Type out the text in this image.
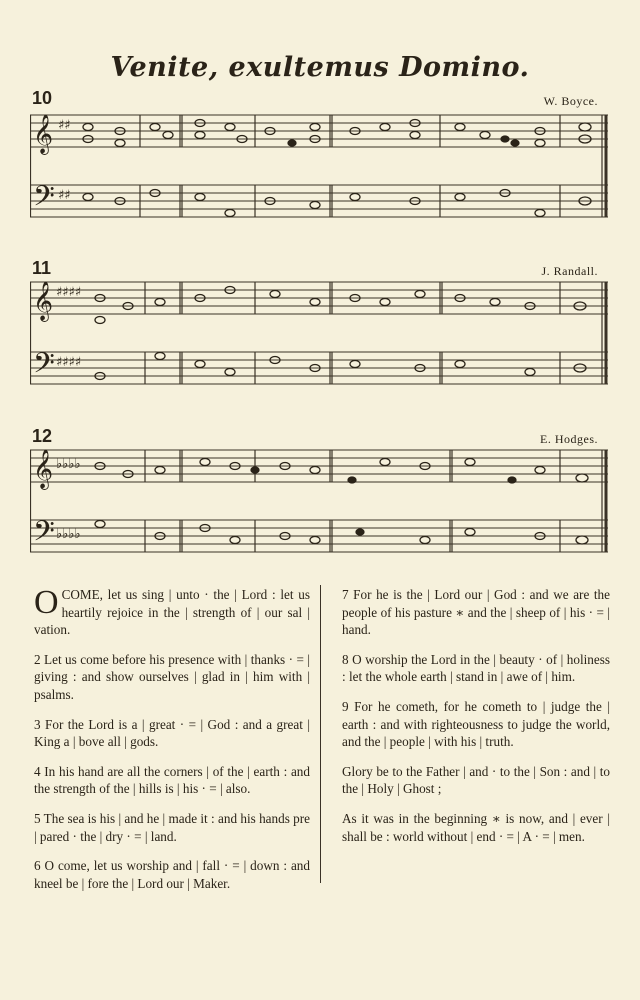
Venite, exultemus Domino.
10	W. Boyce.
𝄞
𝄢
♯♯
♯♯
11	J. Randall.
𝄞
𝄢
♯♯♯♯
♯♯♯♯
12	E. Hodges.
𝄞
𝄢
♭♭♭♭
♭♭♭♭

OCOME, let us sing | unto · the | Lord : let us heartily rejoice in the | strength of | our sal | vation.

2 Let us come before his presence with | thanks · = | giving : and show ourselves | glad in | him with | psalms.

3 For the Lord is a | great · = | God : and a great | King a | bove all | gods.

4 In his hand are all the corners | of the | earth : and the strength of the | hills is | his · = | also.

5 The sea is his | and he | made it : and his hands pre | pared · the | dry · = | land.

6 O come, let us worship and | fall · = | down : and kneel be | fore the | Lord our | Maker.

7 For he is the | Lord our | God : and we are the people of his pasture ∗ and the | sheep of | his · = | hand.

8 O worship the Lord in the | beauty · of | holiness : let the whole earth | stand in | awe of | him.

9 For he cometh, for he cometh to | judge the | earth : and with righteousness to judge the world, and the | people | with his | truth.

Glory be to the Father | and · to the | Son : and | to the | Holy | Ghost ;

As it was in the beginning ∗ is now, and | ever | shall be : world without | end · = | A · = | men.
